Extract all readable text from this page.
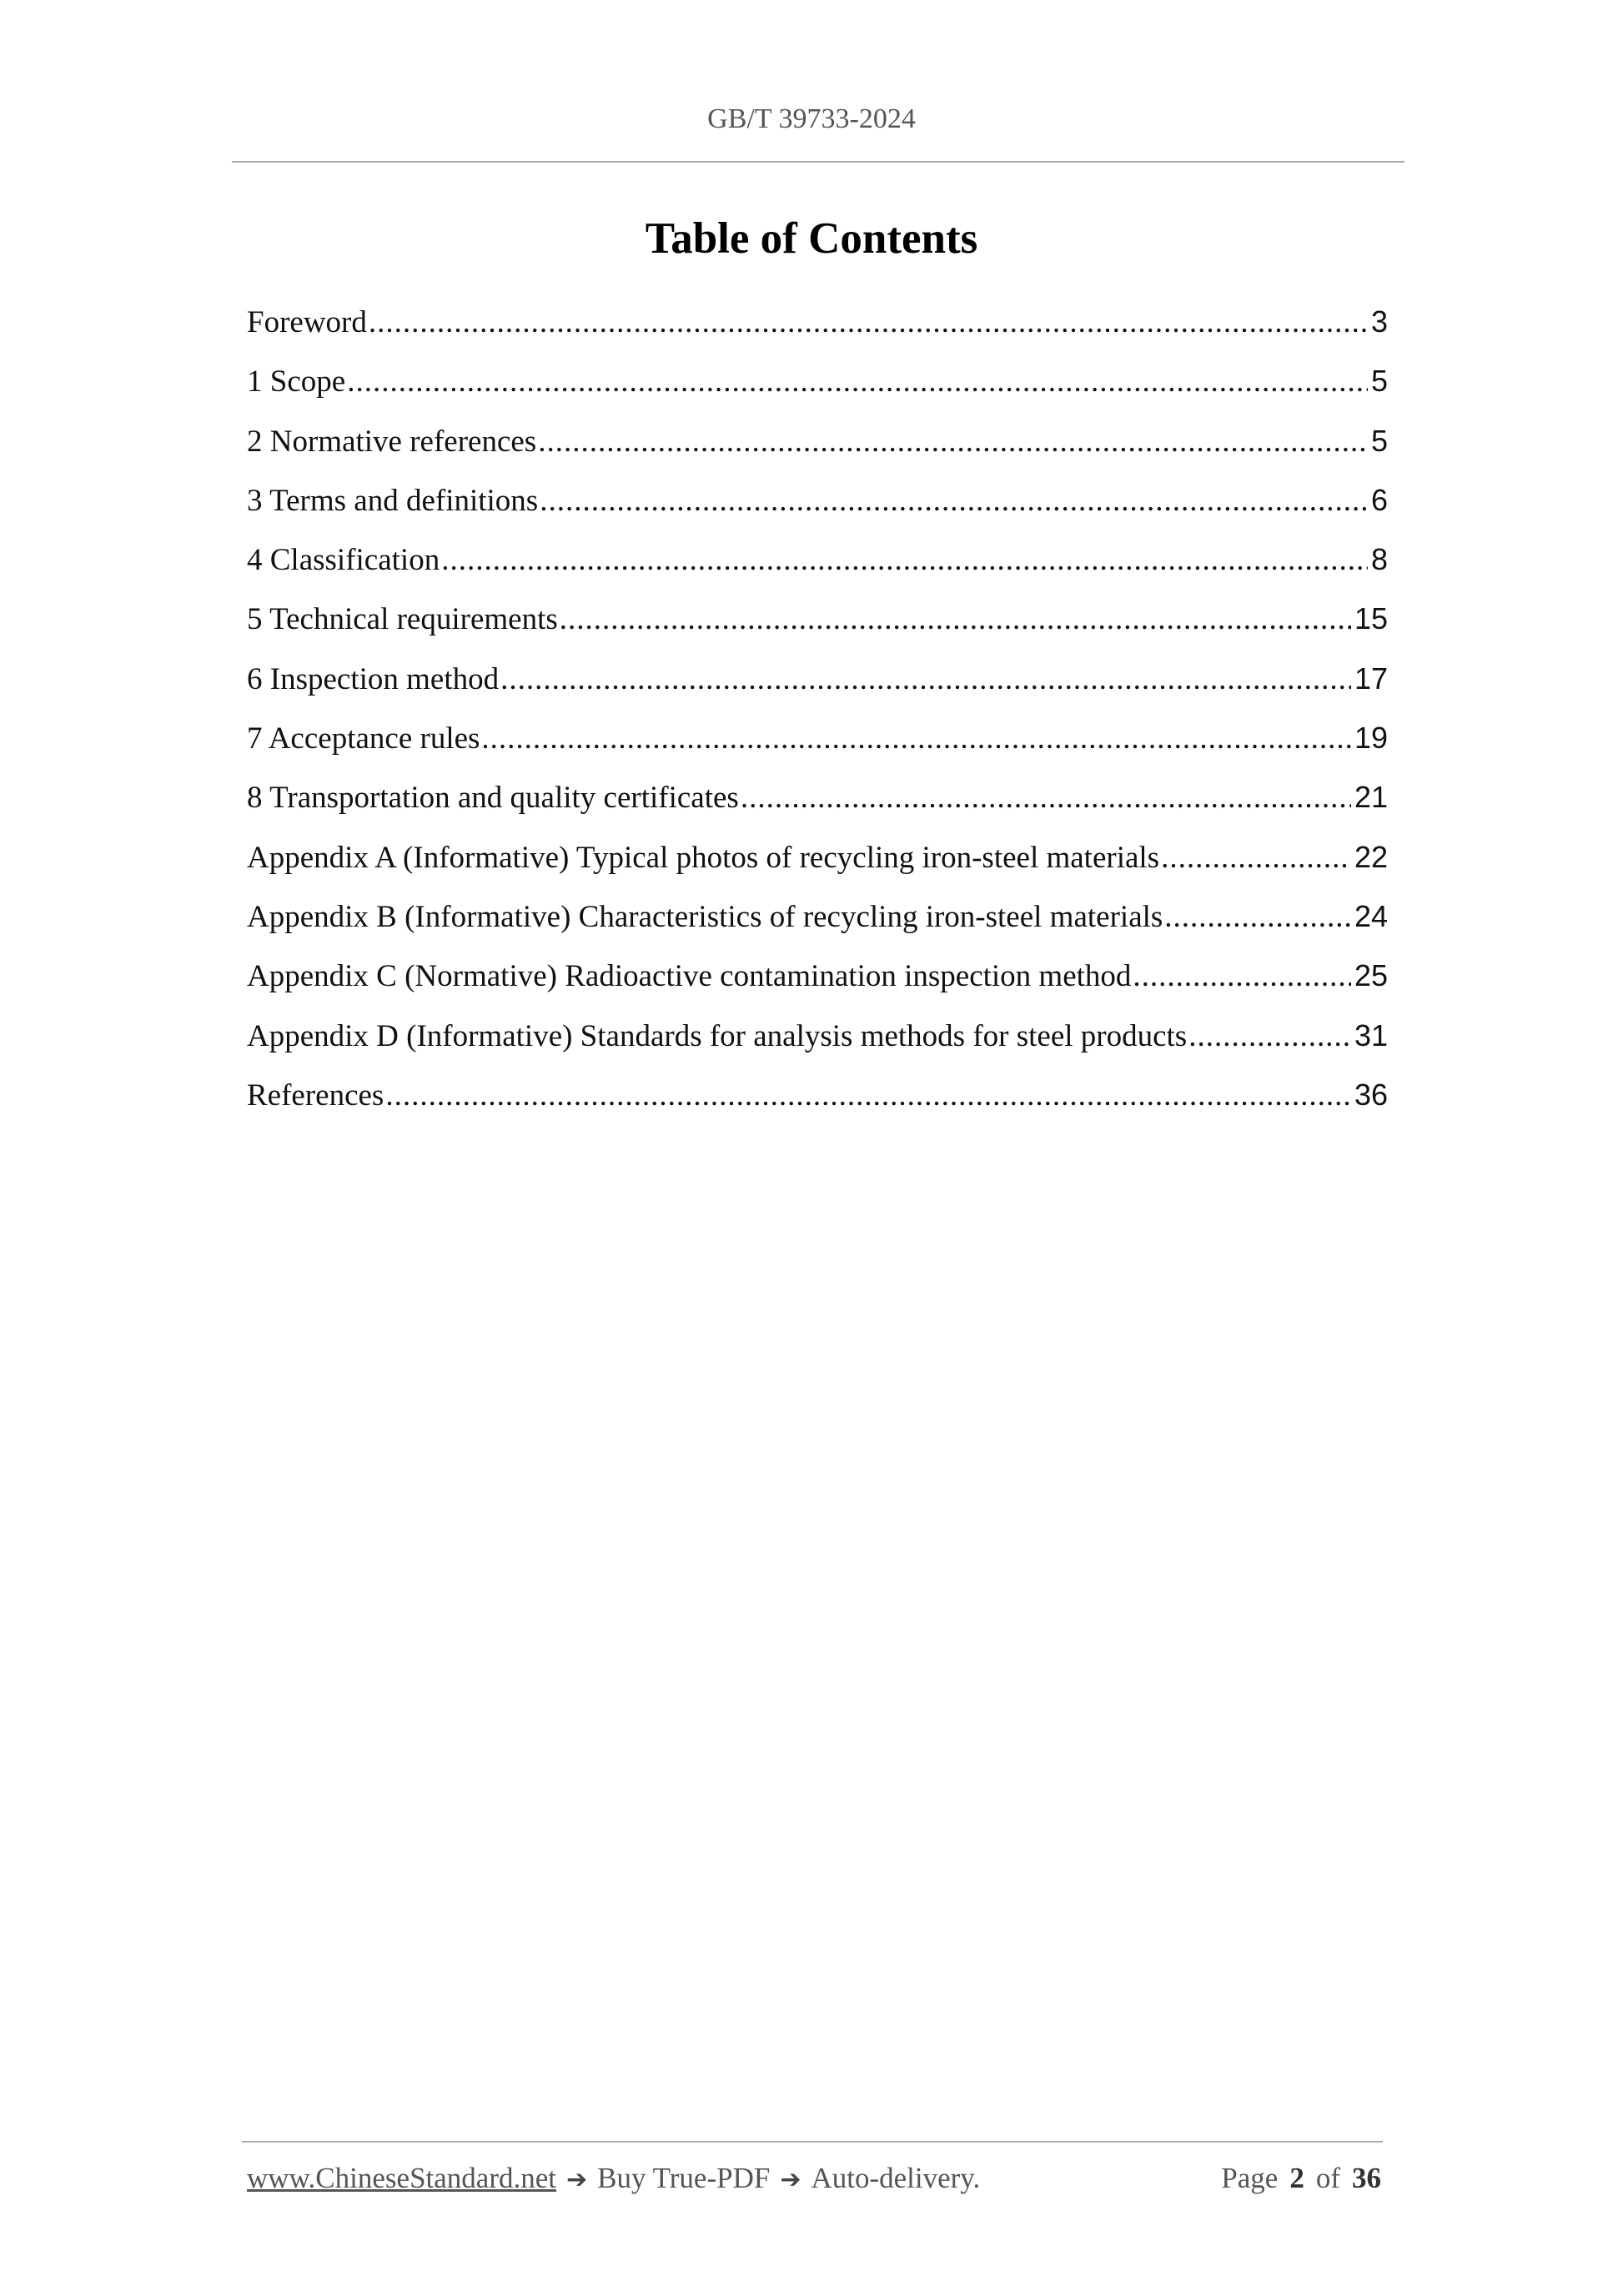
GB/T 39733-2024
Table of Contents
Foreword .....	3
1 Scope .....	5
2 Normative references .....	5
3 Terms and definitions .....	6
4 Classification .....	8
5 Technical requirements .....	15
6 Inspection method .....	17
7 Acceptance rules .....	19
8 Transportation and quality certificates .....	21
Appendix A (Informative) Typical photos of recycling iron-steel materials .....	22
Appendix B (Informative) Characteristics of recycling iron-steel materials .....	24
Appendix C (Normative) Radioactive contamination inspection method .....	25
Appendix D (Informative) Standards for analysis methods for steel products .....	31
References .....	36
www.ChineseStandard.net ➔ Buy True-PDF ➔ Auto-delivery.	Page 2 of 36
